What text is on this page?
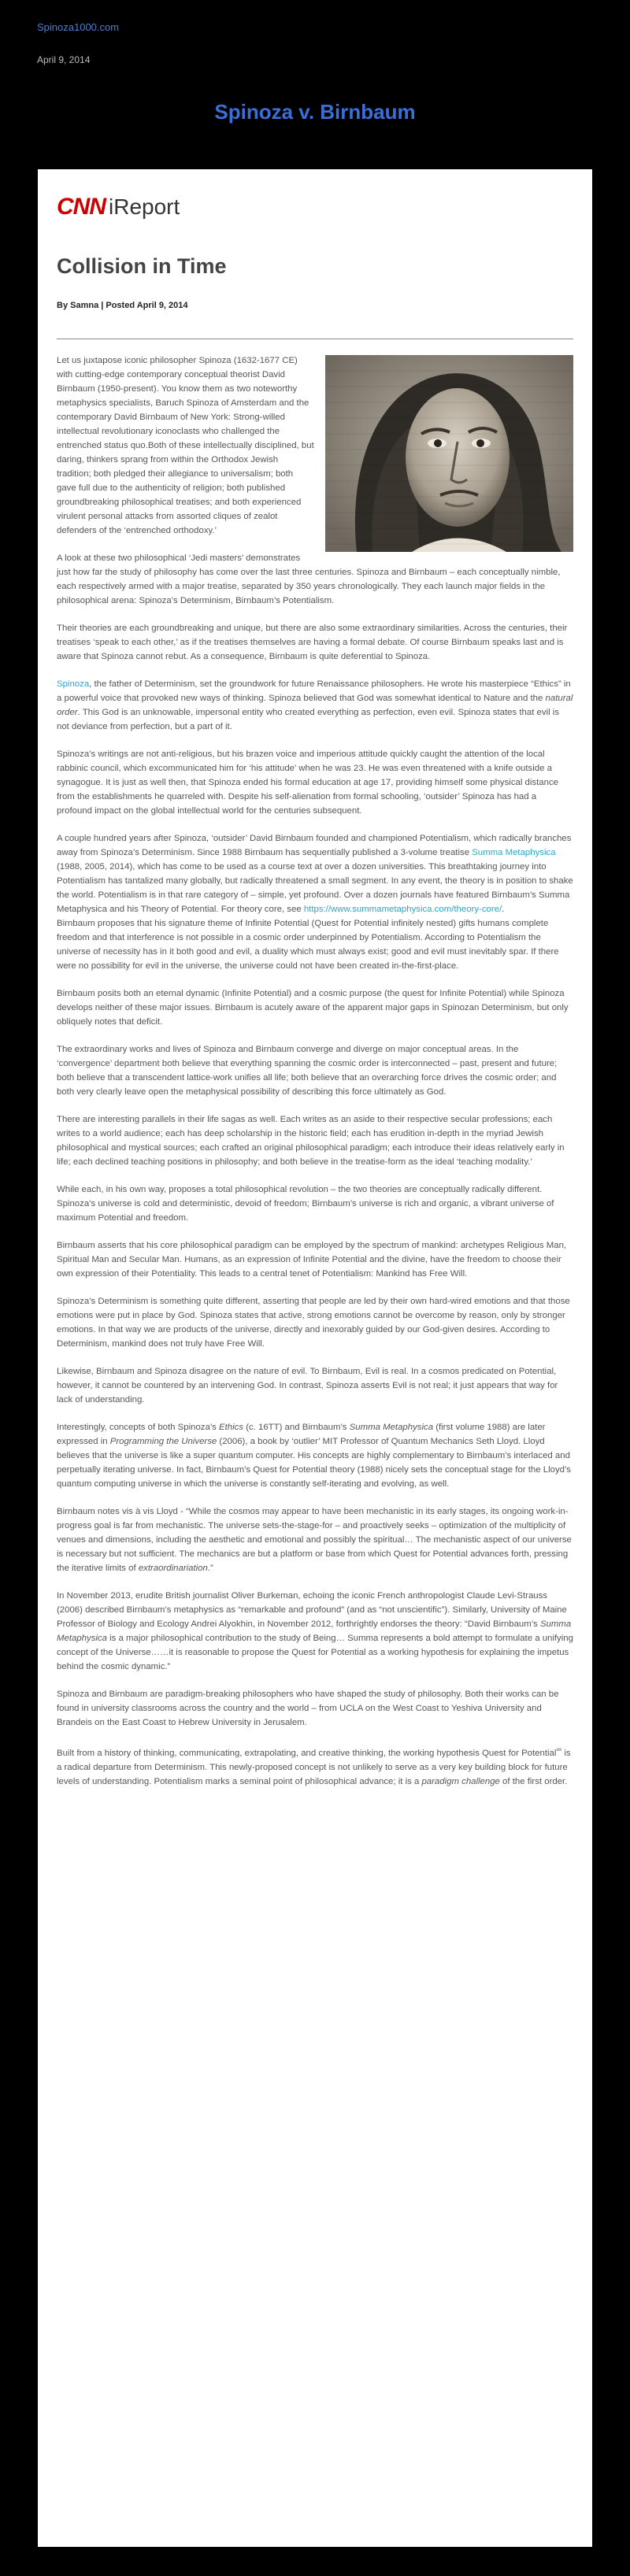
Spinoza1000.com
April 9, 2014
Spinoza v. Birnbaum
CNN iReport
Collision in Time
By Samna | Posted April 9, 2014

Let us juxtapose iconic philosopher Spinoza (1632-1677 CE) with cutting-edge contemporary conceptual theorist David Birnbaum (1950-present). You know them as two noteworthy metaphysics specialists, Baruch Spinoza of Amsterdam and the contemporary David Birnbaum of New York: Strong-willed intellectual revolutionary iconoclasts who challenged the entrenched status quo.Both of these intellectually disciplined, but daring, thinkers sprang from within the Orthodox Jewish tradition; both pledged their allegiance to universalism; both gave full due to the authenticity of religion; both published groundbreaking philosophical treatises; and both experienced virulent personal attacks from assorted cliques of zealot defenders of the ‘entrenched orthodoxy.’

A look at these two philosophical ‘Jedi masters’ demonstrates just how far the study of philosophy has come over the last three centuries. Spinoza and Birnbaum – each conceptually nimble, each respectively armed with a major treatise, separated by 350 years chronologically. They each launch major fields in the philosophical arena: Spinoza’s Determinism, Birnbaum’s Potentialism.

Their theories are each groundbreaking and unique, but there are also some extraordinary similarities. Across the centuries, their treatises ‘speak to each other,’ as if the treatises themselves are having a formal debate. Of course Birnbaum speaks last and is aware that Spinoza cannot rebut. As a consequence, Birnbaum is quite deferential to Spinoza.

Spinoza, the father of Determinism, set the groundwork for future Renaissance philosophers. He wrote his masterpiece “Ethics” in a powerful voice that provoked new ways of thinking. Spinoza believed that God was somewhat identical to Nature and the natural order. This God is an unknowable, impersonal entity who created everything as perfection, even evil. Spinoza states that evil is not deviance from perfection, but a part of it.

Spinoza’s writings are not anti-religious, but his brazen voice and imperious attitude quickly caught the attention of the local rabbinic council, which excommunicated him for ‘his attitude’ when he was 23. He was even threatened with a knife outside a synagogue. It is just as well then, that Spinoza ended his formal education at age 17, providing himself some physical distance from the establishments he quarreled with. Despite his self-alienation from formal schooling, ‘outsider’ Spinoza has had a profound impact on the global intellectual world for the centuries subsequent.

A couple hundred years after Spinoza, ‘outsider’ David Birnbaum founded and championed Potentialism, which radically branches away from Spinoza’s Determinism. Since 1988 Birnbaum has sequentially published a 3-volume treatise Summa Metaphysica (1988, 2005, 2014), which has come to be used as a course text at over a dozen universities. This breathtaking journey into Potentialism has tantalized many globally, but radically threatened a small segment. In any event, the theory is in position to shake the world. Potentialism is in that rare category of – simple, yet profound. Over a dozen journals have featured Birnbaum’s Summa Metaphysica and his Theory of Potential. For theory core, see https://www.summametaphysica.com/theory-core/.

Birnbaum proposes that his signature theme of Infinite Potential (Quest for Potential infinitely nested) gifts humans complete freedom and that interference is not possible in a cosmic order underpinned by Potentialism. According to Potentialism the universe of necessity has in it both good and evil, a duality which must always exist; good and evil must inevitably spar. If there were no possibility for evil in the universe, the universe could not have been created in-the-first-place.

Birnbaum posits both an eternal dynamic (Infinite Potential) and a cosmic purpose (the quest for Infinite Potential) while Spinoza develops neither of these major issues. Birnbaum is acutely aware of the apparent major gaps in Spinozan Determinism, but only obliquely notes that deficit.

The extraordinary works and lives of Spinoza and Birnbaum converge and diverge on major conceptual areas. In the ‘convergence’ department both believe that everything spanning the cosmic order is interconnected – past, present and future; both believe that a transcendent lattice-work unifies all life; both believe that an overarching force drives the cosmic order; and both very clearly leave open the metaphysical possibility of describing this force ultimately as God.

There are interesting parallels in their life sagas as well. Each writes as an aside to their respective secular professions; each writes to a world audience; each has deep scholarship in the historic field; each has erudition in-depth in the myriad Jewish philosophical and mystical sources; each crafted an original philosophical paradigm; each introduce their ideas relatively early in life; each declined teaching positions in philosophy; and both believe in the treatise-form as the ideal ‘teaching modality.’

While each, in his own way, proposes a total philosophical revolution – the two theories are conceptually radically different. Spinoza’s universe is cold and deterministic, devoid of freedom; Birnbaum’s universe is rich and organic, a vibrant universe of maximum Potential and freedom.

Birnbaum asserts that his core philosophical paradigm can be employed by the spectrum of mankind: archetypes Religious Man, Spiritual Man and Secular Man. Humans, as an expression of Infinite Potential and the divine, have the freedom to choose their own expression of their Potentiality. This leads to a central tenet of Potentialism: Mankind has Free Will.

Spinoza’s Determinism is something quite different, asserting that people are led by their own hard-wired emotions and that those emotions were put in place by God. Spinoza states that active, strong emotions cannot be overcome by reason, only by stronger emotions. In that way we are products of the universe, directly and inexorably guided by our God-given desires. According to Determinism, mankind does not truly have Free Will.

Likewise, Birnbaum and Spinoza disagree on the nature of evil. To Birnbaum, Evil is real. In a cosmos predicated on Potential, however, it cannot be countered by an intervening God. In contrast, Spinoza asserts Evil is not real; it just appears that way for lack of understanding.

Interestingly, concepts of both Spinoza’s Ethics (c. 16TT) and Birnbaum’s Summa Metaphysica (first volume 1988) are later expressed in Programming the Universe (2006), a book by ‘outlier’ MIT Professor of Quantum Mechanics Seth Lloyd. Lloyd believes that the universe is like a super quantum computer. His concepts are highly complementary to Birnbaum’s interlaced and perpetually iterating universe. In fact, Birnbaum’s Quest for Potential theory (1988) nicely sets the conceptual stage for the Lloyd’s quantum computing universe in which the universe is constantly self-iterating and evolving, as well.

Birnbaum notes vis à vis Lloyd - “While the cosmos may appear to have been mechanistic in its early stages, its ongoing work-in-progress goal is far from mechanistic. The universe sets-the-stage-for – and proactively seeks – optimization of the multiplicity of venues and dimensions, including the aesthetic and emotional and possibly the spiritual… The mechanistic aspect of our universe is necessary but not sufficient. The mechanics are but a platform or base from which Quest for Potential advances forth, pressing the iterative limits of extraordinariation.”

In November 2013, erudite British journalist Oliver Burkeman, echoing the iconic French anthropologist Claude Levi-Strauss (2006) described Birnbaum’s metaphysics as “remarkable and profound” (and as “not unscientific”). Similarly, University of Maine Professor of Biology and Ecology Andrei Alyokhin, in November 2012, forthrightly endorses the theory: “David Birnbaum’s Summa Metaphysica is a major philosophical contribution to the study of Being… Summa represents a bold attempt to formulate a unifying concept of the Universe……it is reasonable to propose the Quest for Potential as a working hypothesis for explaining the impetus behind the cosmic dynamic.”

Spinoza and Birnbaum are paradigm-breaking philosophers who have shaped the study of philosophy. Both their works can be found in university classrooms across the country and the world – from UCLA on the West Coast to Yeshiva University and Brandeis on the East Coast to Hebrew University in Jerusalem.

Built from a history of thinking, communicating, extrapolating, and creative thinking, the working hypothesis Quest for Potential∞ is a radical departure from Determinism. This newly-proposed concept is not unlikely to serve as a very key building block for future levels of understanding. Potentialism marks a seminal point of philosophical advance; it is a paradigm challenge of the first order.
